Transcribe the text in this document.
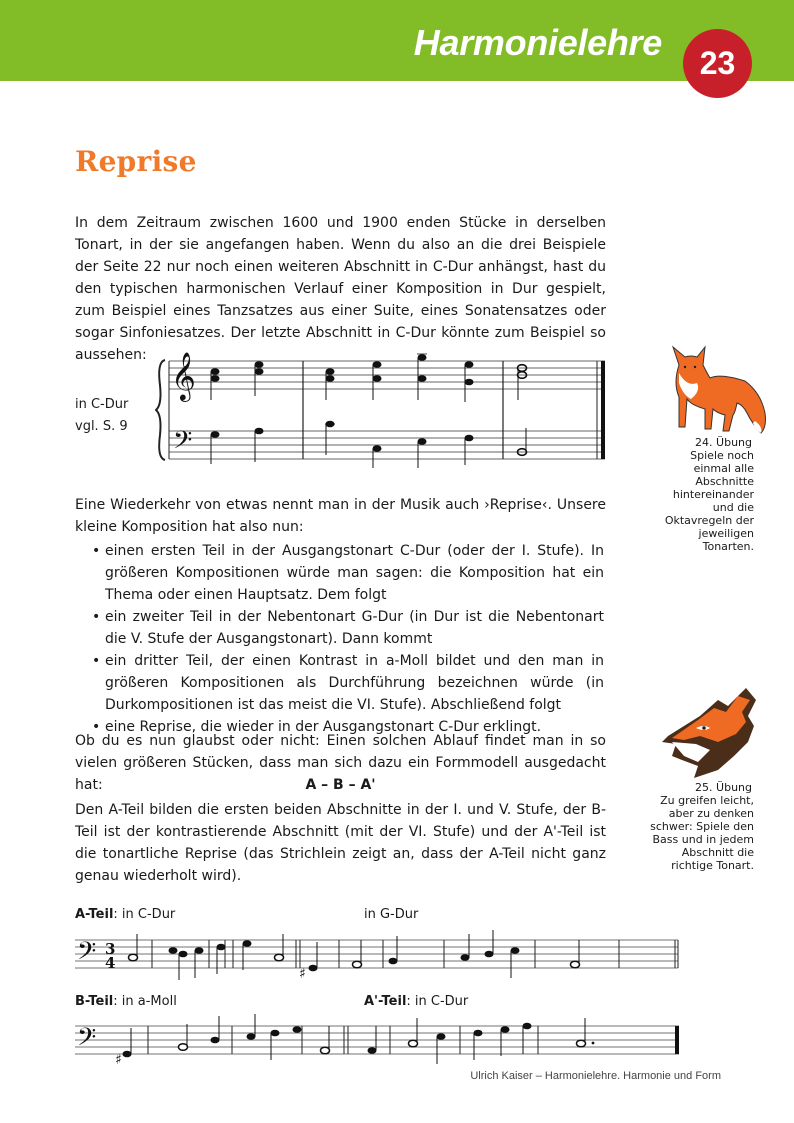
Harmonielehre	23
Reprise
In dem Zeitraum zwischen 1600 und 1900 enden Stücke in derselben Tonart, in der sie angefangen haben. Wenn du also an die drei Beispiele der Seite 22 nur noch einen weiteren Abschnitt in C-Dur anhängst, hast du den typischen harmonischen Verlauf einer Komposition in Dur gespielt, zum Beispiel eines Tanzsatzes aus einer Suite, eines Sonatensatzes oder sogar Sinfoniesatzes. Der letzte Abschnitt in C-Dur könnte zum Beispiel so aussehen:
in C-Dur
vgl. S. 9
𝄞
𝄢	24. Übung
Spiele noch einmal alle Abschnitte hintereinander und die Oktavregeln der jeweiligen Tonarten.
Eine Wiederkehr von etwas nennt man in der Musik auch ›Reprise‹. Unsere kleine Komposition hat also nun:
• einen ersten Teil in der Ausgangstonart C-Dur (oder der I. Stufe). In größeren Kompositionen würde man sagen: die Komposition hat ein Thema oder einen Hauptsatz. Dem folgt
• ein zweiter Teil in der Nebentonart G-Dur (in Dur ist die Nebentonart die V. Stufe der Ausgangstonart). Dann kommt
• ein dritter Teil, der einen Kontrast in a-Moll bildet und den man in größeren Kompositionen als Durchführung bezeichnen würde (in Durkompositionen ist das meist die VI. Stufe). Abschließend folgt
• eine Reprise, die wieder in der Ausgangstonart C-Dur erklingt.
25. Übung
Zu greifen leicht, aber zu denken schwer: Spiele den Bass und in jedem Abschnitt die richtige Tonart.
Ob du es nun glaubst oder nicht: Einen solchen Ablauf findet man in so vielen größeren Stücken, dass man sich dazu ein Formmodell ausgedacht hat:	A – B – A'
Den A-Teil bilden die ersten beiden Abschnitte in der I. und V. Stufe, der B-Teil ist der kontrastierende Abschnitt (mit der VI. Stufe) und der A'-Teil ist die tonartliche Reprise (das Strichlein zeigt an, dass der A-Teil nicht ganz genau wiederholt wird).
A-Teil: in C-Dur	in G-Dur
𝄢 3
4
♯
B-Teil: in a-Moll	A'-Teil: in C-Dur
𝄢
♯
Ulrich Kaiser – Harmonielehre. Harmonie und Form
